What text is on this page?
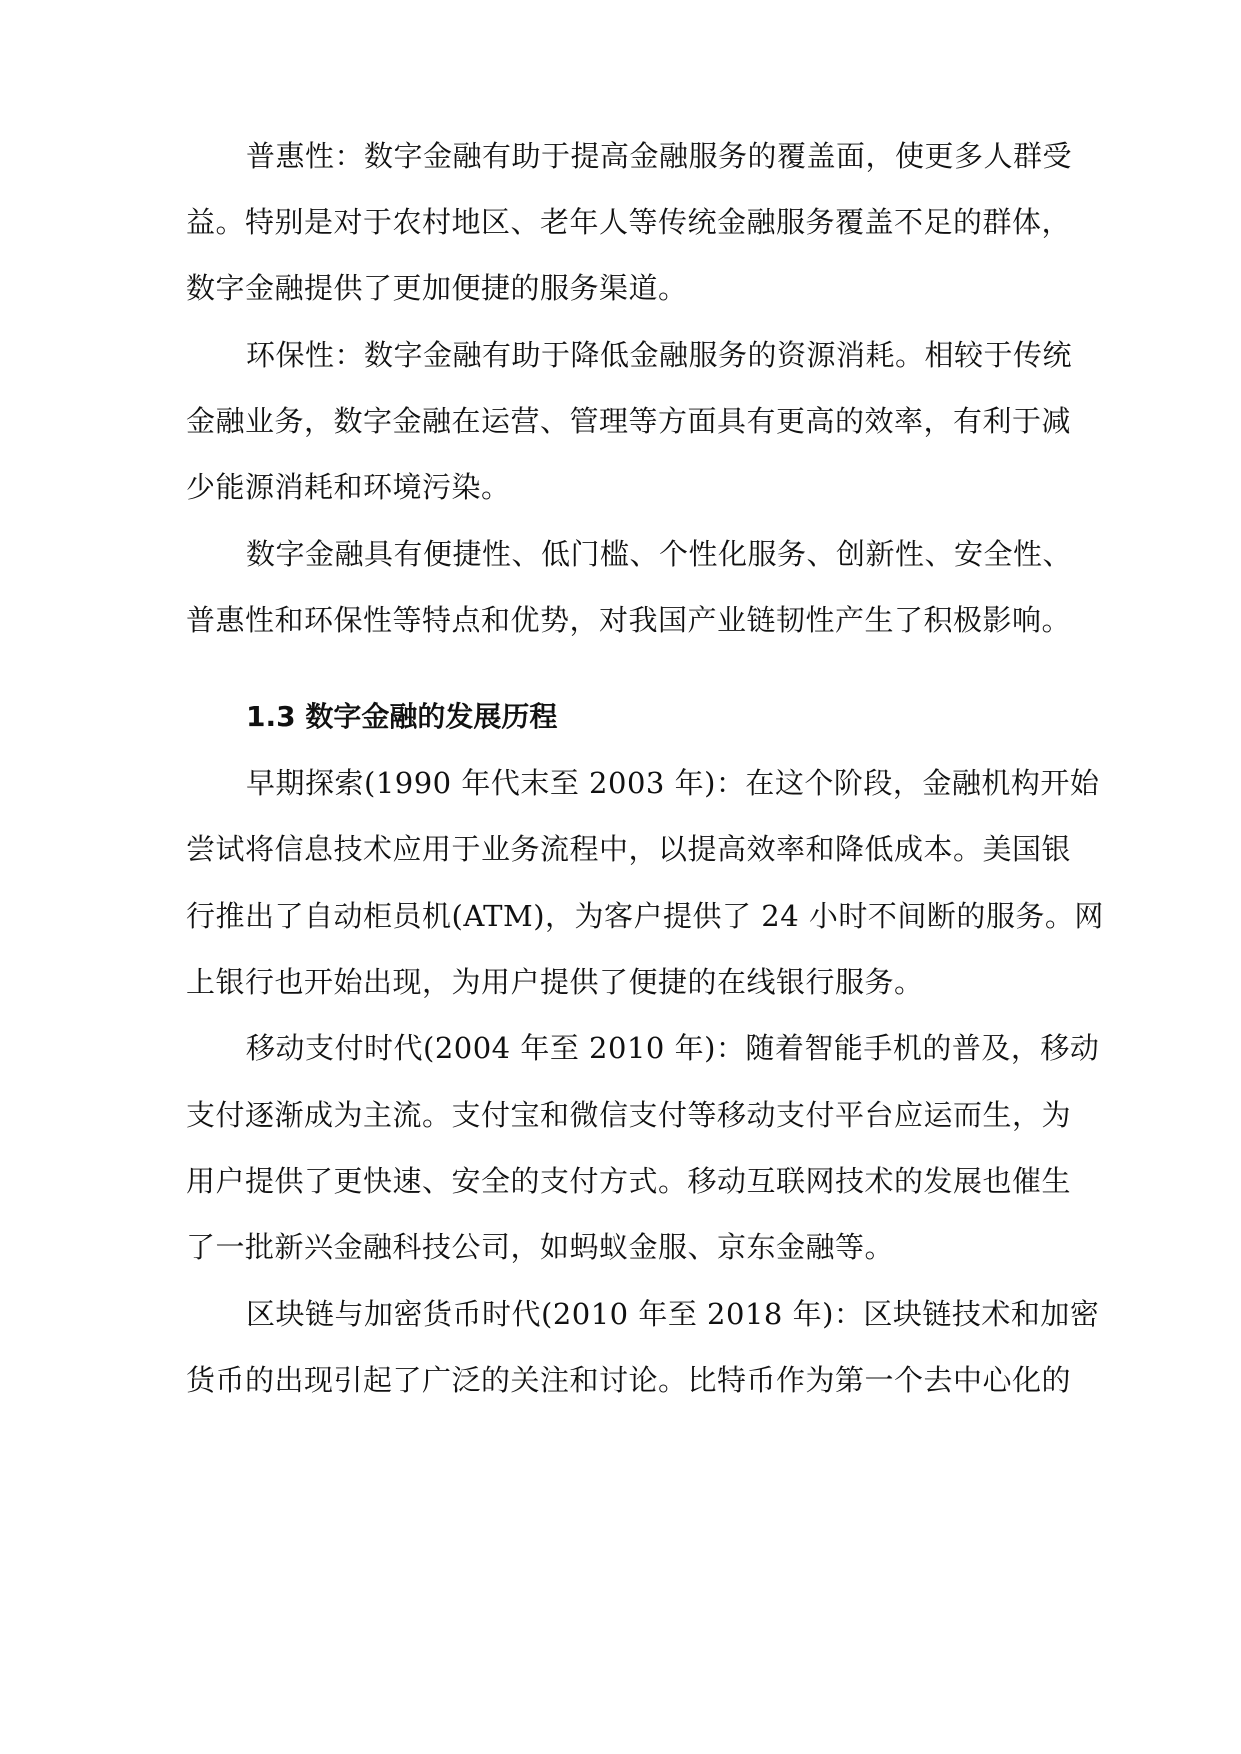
普惠性：数字金融有助于提高金融服务的覆盖面，使更多人群受
益。特别是对于农村地区、老年人等传统金融服务覆盖不足的群体，
数字金融提供了更加便捷的服务渠道。
环保性：数字金融有助于降低金融服务的资源消耗。相较于传统
金融业务，数字金融在运营、管理等方面具有更高的效率，有利于减
少能源消耗和环境污染。
数字金融具有便捷性、低门槛、个性化服务、创新性、安全性、
普惠性和环保性等特点和优势，对我国产业链韧性产生了积极影响。
1.3 数字金融的发展历程
早期探索(1990 年代末至 2003 年)：在这个阶段，金融机构开始
尝试将信息技术应用于业务流程中，以提高效率和降低成本。美国银
行推出了自动柜员机(ATM)，为客户提供了 24 小时不间断的服务。网
上银行也开始出现，为用户提供了便捷的在线银行服务。
移动支付时代(2004 年至 2010 年)：随着智能手机的普及，移动
支付逐渐成为主流。支付宝和微信支付等移动支付平台应运而生，为
用户提供了更快速、安全的支付方式。移动互联网技术的发展也催生
了一批新兴金融科技公司，如蚂蚁金服、京东金融等。
区块链与加密货币时代(2010 年至 2018 年)：区块链技术和加密
货币的出现引起了广泛的关注和讨论。比特币作为第一个去中心化的
